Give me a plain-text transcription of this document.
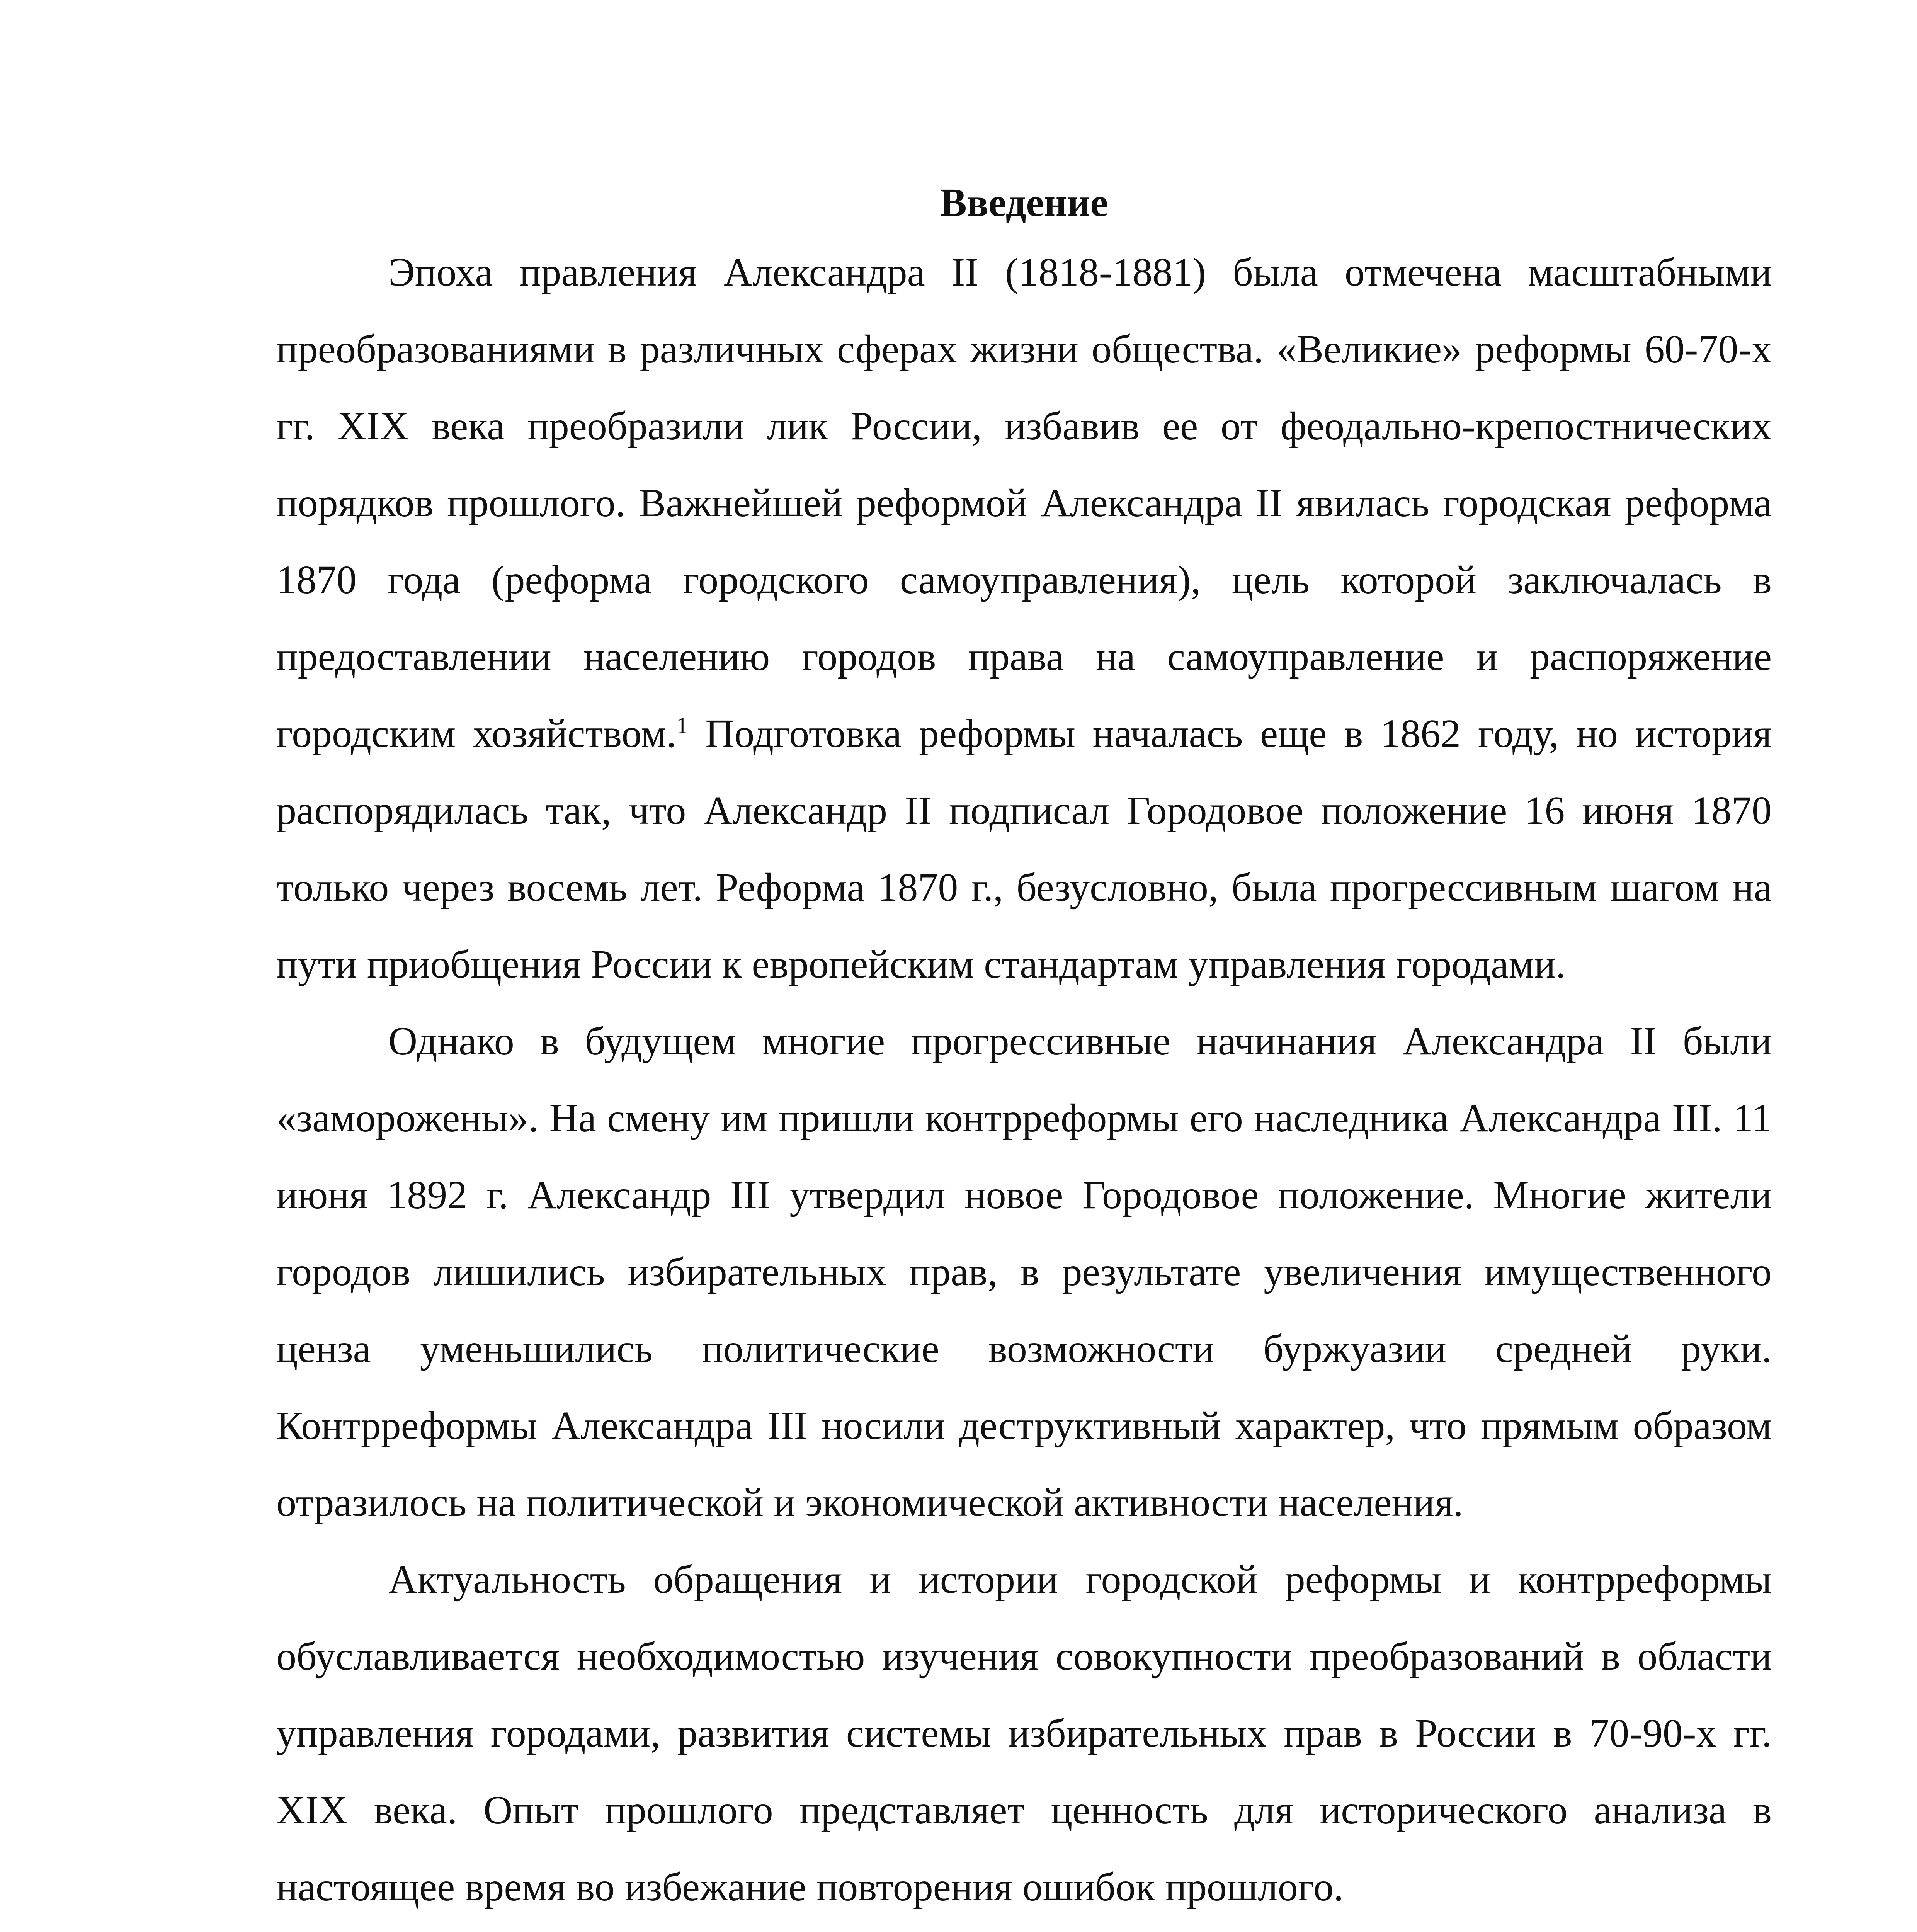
Введение

Эпоха правления Александра II (1818-1881) была отмечена масштабными преобразованиями в различных сферах жизни общества. «Великие» реформы 60-70-х гг. XIX века преобразили лик России, избавив ее от феодально-крепостнических порядков прошлого. Важнейшей реформой Александра II явилась городская реформа 1870 года (реформа городского самоуправления), цель которой заключалась в предоставлении населению городов права на самоуправление и распоряжение городским хозяйством.$^1$ Подготовка реформы началась еще в 1862 году, но история распорядилась так, что Александр II подписал Городовое положение 16 июня 1870 только через восемь лет. Реформа 1870 г., безусловно, была прогрессивным шагом на пути приобщения России к европейским стандартам управления городами.

Однако в будущем многие прогрессивные начинания Александра II были «заморожены». На смену им пришли контрреформы его наследника Александра III. 11 июня 1892 г. Александр III утвердил новое Городовое положение. Многие жители городов лишились избирательных прав, в результате увеличения имущественного ценза уменьшились политические возможности буржуазии средней руки. Контрреформы Александра III носили деструктивный характер, что прямым образом отразилось на политической и экономической активности населения.

Актуальность обращения и истории городской реформы и контрреформы обуславливается необходимостью изучения совокупности преобразований в области управления городами, развития системы избирательных прав в России в 70-90-х гг. XIX века. Опыт прошлого представляет ценность для исторического анализа в настоящее время во избежание повторения ошибок прошлого.
